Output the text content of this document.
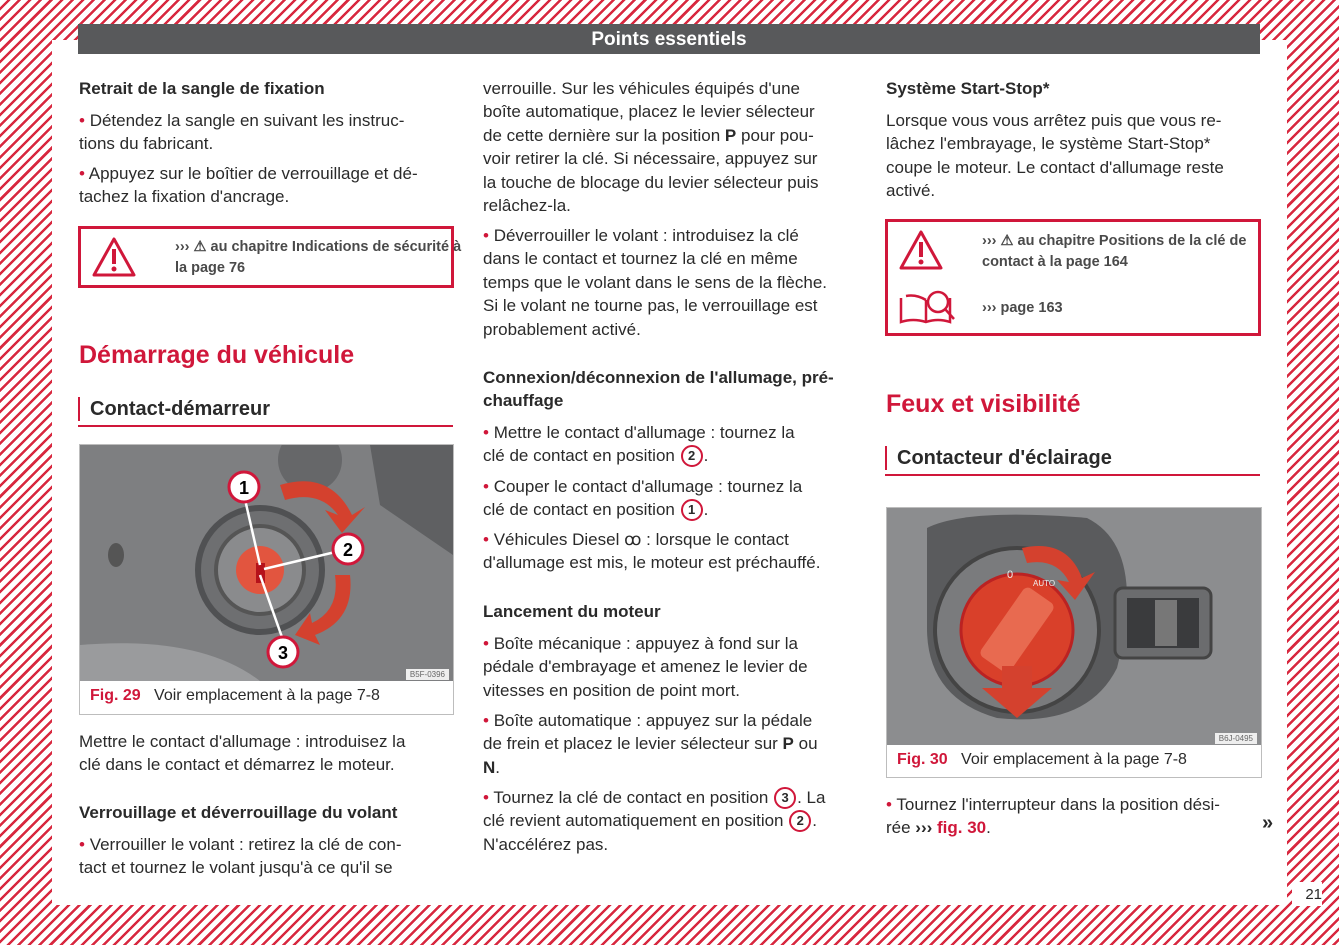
Points essentiels
21
Retrait de la sangle de fixation
• Détendez la sangle en suivant les instruc-
tions du fabricant.
• Appuyez sur le boîtier de verrouillage et dé-
tachez la fixation d'ancrage.
››› ⚠ au chapitre Indications de sécurité à
la page 76
Démarrage du véhicule
Contact-démarreur
1
2
3
B5F-0396
Fig. 29 Voir emplacement à la page 7-8
Mettre le contact d'allumage : introduisez la
clé dans le contact et démarrez le moteur.
Verrouillage et déverrouillage du volant
• Verrouiller le volant : retirez la clé de con-
tact et tournez le volant jusqu'à ce qu'il se
verrouille. Sur les véhicules équipés d'une
boîte automatique, placez le levier sélecteur
de cette dernière sur la position P pour pou-
voir retirer la clé. Si nécessaire, appuyez sur
la touche de blocage du levier sélecteur puis
relâchez-la.
• Déverrouiller le volant : introduisez la clé
dans le contact et tournez la clé en même
temps que le volant dans le sens de la flèche.
Si le volant ne tourne pas, le verrouillage est
probablement activé.
Connexion/déconnexion de l'allumage, pré-
chauffage
• Mettre le contact d'allumage : tournez la
clé de contact en position 2 .
• Couper le contact d'allumage : tournez la
clé de contact en position 1 .
• Véhicules Diesel ꝏ : lorsque le contact
d'allumage est mis, le moteur est préchauffé.
Lancement du moteur
• Boîte mécanique : appuyez à fond sur la
pédale d'embrayage et amenez le levier de
vitesses en position de point mort.
• Boîte automatique : appuyez sur la pédale
de frein et placez le levier sélecteur sur P ou
N.
• Tournez la clé de contact en position 3 . La
clé revient automatiquement en position 2 .
N'accélérez pas.
Système Start-Stop*
Lorsque vous vous arrêtez puis que vous re-
lâchez l'embrayage, le système Start-Stop*
coupe le moteur. Le contact d'allumage reste
activé.
››› ⚠ au chapitre Positions de la clé de
contact à la page 164
››› page 163
Feux et visibilité
Contacteur d'éclairage
0
AUTO
B6J-0495
Fig. 30 Voir emplacement à la page 7-8
• Tournez l'interrupteur dans la position dési-
rée ››› fig. 30.	»
